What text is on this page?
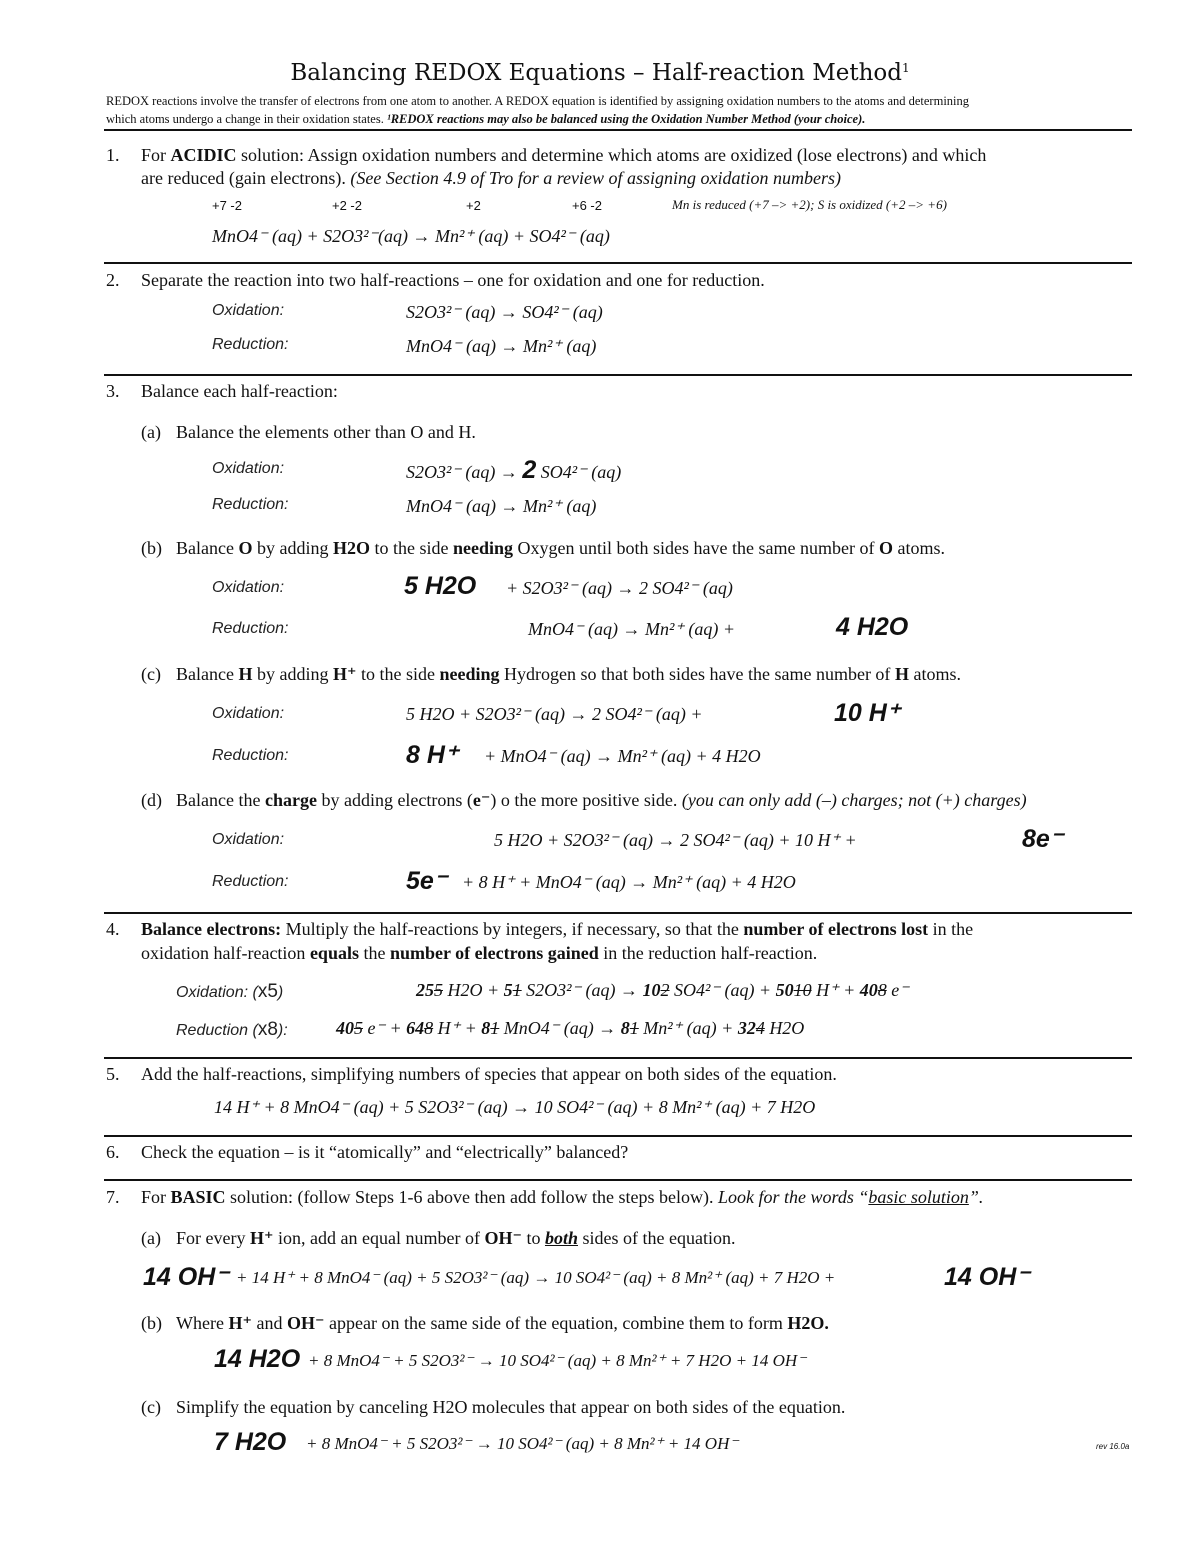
Balancing REDOX Equations – Half-reaction Method$^1$
REDOX reactions involve the transfer of electrons from one atom to another. A REDOX equation is identified by assigning oxidation numbers to the atoms and determining
which atoms undergo a change in their oxidation states. ¹REDOX reactions may also be balanced using the Oxidation Number Method (your choice).
1. For ACIDIC solution: Assign oxidation numbers and determine which atoms are oxidized (lose electrons) and which
are reduced (gain electrons). (See Section 4.9 of Tro for a review of assigning oxidation numbers)
+7 -2	+2 -2	+2	+6 -2	Mn is reduced (+7 –> +2); S is oxidized (+2 –> +6)
MnO4⁻ (aq) + S2O3²⁻(aq) → Mn²⁺ (aq) + SO4²⁻ (aq)
2. Separate the reaction into two half-reactions – one for oxidation and one for reduction.
Oxidation:	S2O3²⁻ (aq) → SO4²⁻ (aq)
Reduction:	MnO4⁻ (aq) → Mn²⁺ (aq)
3. Balance each half-reaction:
(a) Balance the elements other than O and H.
Oxidation:	S2O3²⁻ (aq) → 2 SO4²⁻ (aq)
Reduction:	MnO4⁻ (aq) → Mn²⁺ (aq)
(b) Balance O by adding H2O to the side needing Oxygen until both sides have the same number of O atoms.
Oxidation:	5 H2O + S2O3²⁻ (aq) → 2 SO4²⁻ (aq)
Reduction:	MnO4⁻ (aq) → Mn²⁺ (aq) +	4 H2O
(c) Balance H by adding H⁺ to the side needing Hydrogen so that both sides have the same number of H atoms.
Oxidation:	5 H2O + S2O3²⁻ (aq) → 2 SO4²⁻ (aq) +	10 H⁺
Reduction:	8 H⁺ + MnO4⁻ (aq) → Mn²⁺ (aq) + 4 H2O
(d) Balance the charge by adding electrons (e⁻) o the more positive side. (you can only add (–) charges; not (+) charges)
Oxidation:	5 H2O + S2O3²⁻ (aq) → 2 SO4²⁻ (aq) + 10 H⁺ +	8e⁻
Reduction:	5e⁻ + 8 H⁺ + MnO4⁻ (aq) → Mn²⁺ (aq) + 4 H2O
4. Balance electrons: Multiply the half-reactions by integers, if necessary, so that the number of electrons lost in the
oxidation half-reaction equals the number of electrons gained in the reduction half-reaction.
Oxidation: (x5)	255 H2O + 51 S2O3²⁻ (aq) → 102 SO4²⁻ (aq) + 5010 H⁺ + 408 e⁻
Reduction (x8):	405 e⁻ + 648 H⁺ + 81 MnO4⁻ (aq) → 81 Mn²⁺ (aq) + 324 H2O
5. Add the half-reactions, simplifying numbers of species that appear on both sides of the equation.
14 H⁺ + 8 MnO4⁻ (aq) + 5 S2O3²⁻ (aq) → 10 SO4²⁻ (aq) + 8 Mn²⁺ (aq) + 7 H2O
6. Check the equation – is it “atomically” and “electrically” balanced?
7. For BASIC solution: (follow Steps 1-6 above then add follow the steps below). Look for the words “basic solution”.
(a) For every H⁺ ion, add an equal number of OH⁻ to both sides of the equation.
14 OH⁻ + 14 H⁺ + 8 MnO4⁻ (aq) + 5 S2O3²⁻ (aq) → 10 SO4²⁻ (aq) + 8 Mn²⁺ (aq) + 7 H2O +	14 OH⁻
(b) Where H⁺ and OH⁻ appear on the same side of the equation, combine them to form H2O.
14 H2O + 8 MnO4⁻ + 5 S2O3²⁻ → 10 SO4²⁻ (aq) + 8 Mn²⁺ + 7 H2O + 14 OH⁻
(c) Simplify the equation by canceling H2O molecules that appear on both sides of the equation.
7 H2O + 8 MnO4⁻ + 5 S2O3²⁻ → 10 SO4²⁻ (aq) + 8 Mn²⁺ + 14 OH⁻	rev 16.0a
